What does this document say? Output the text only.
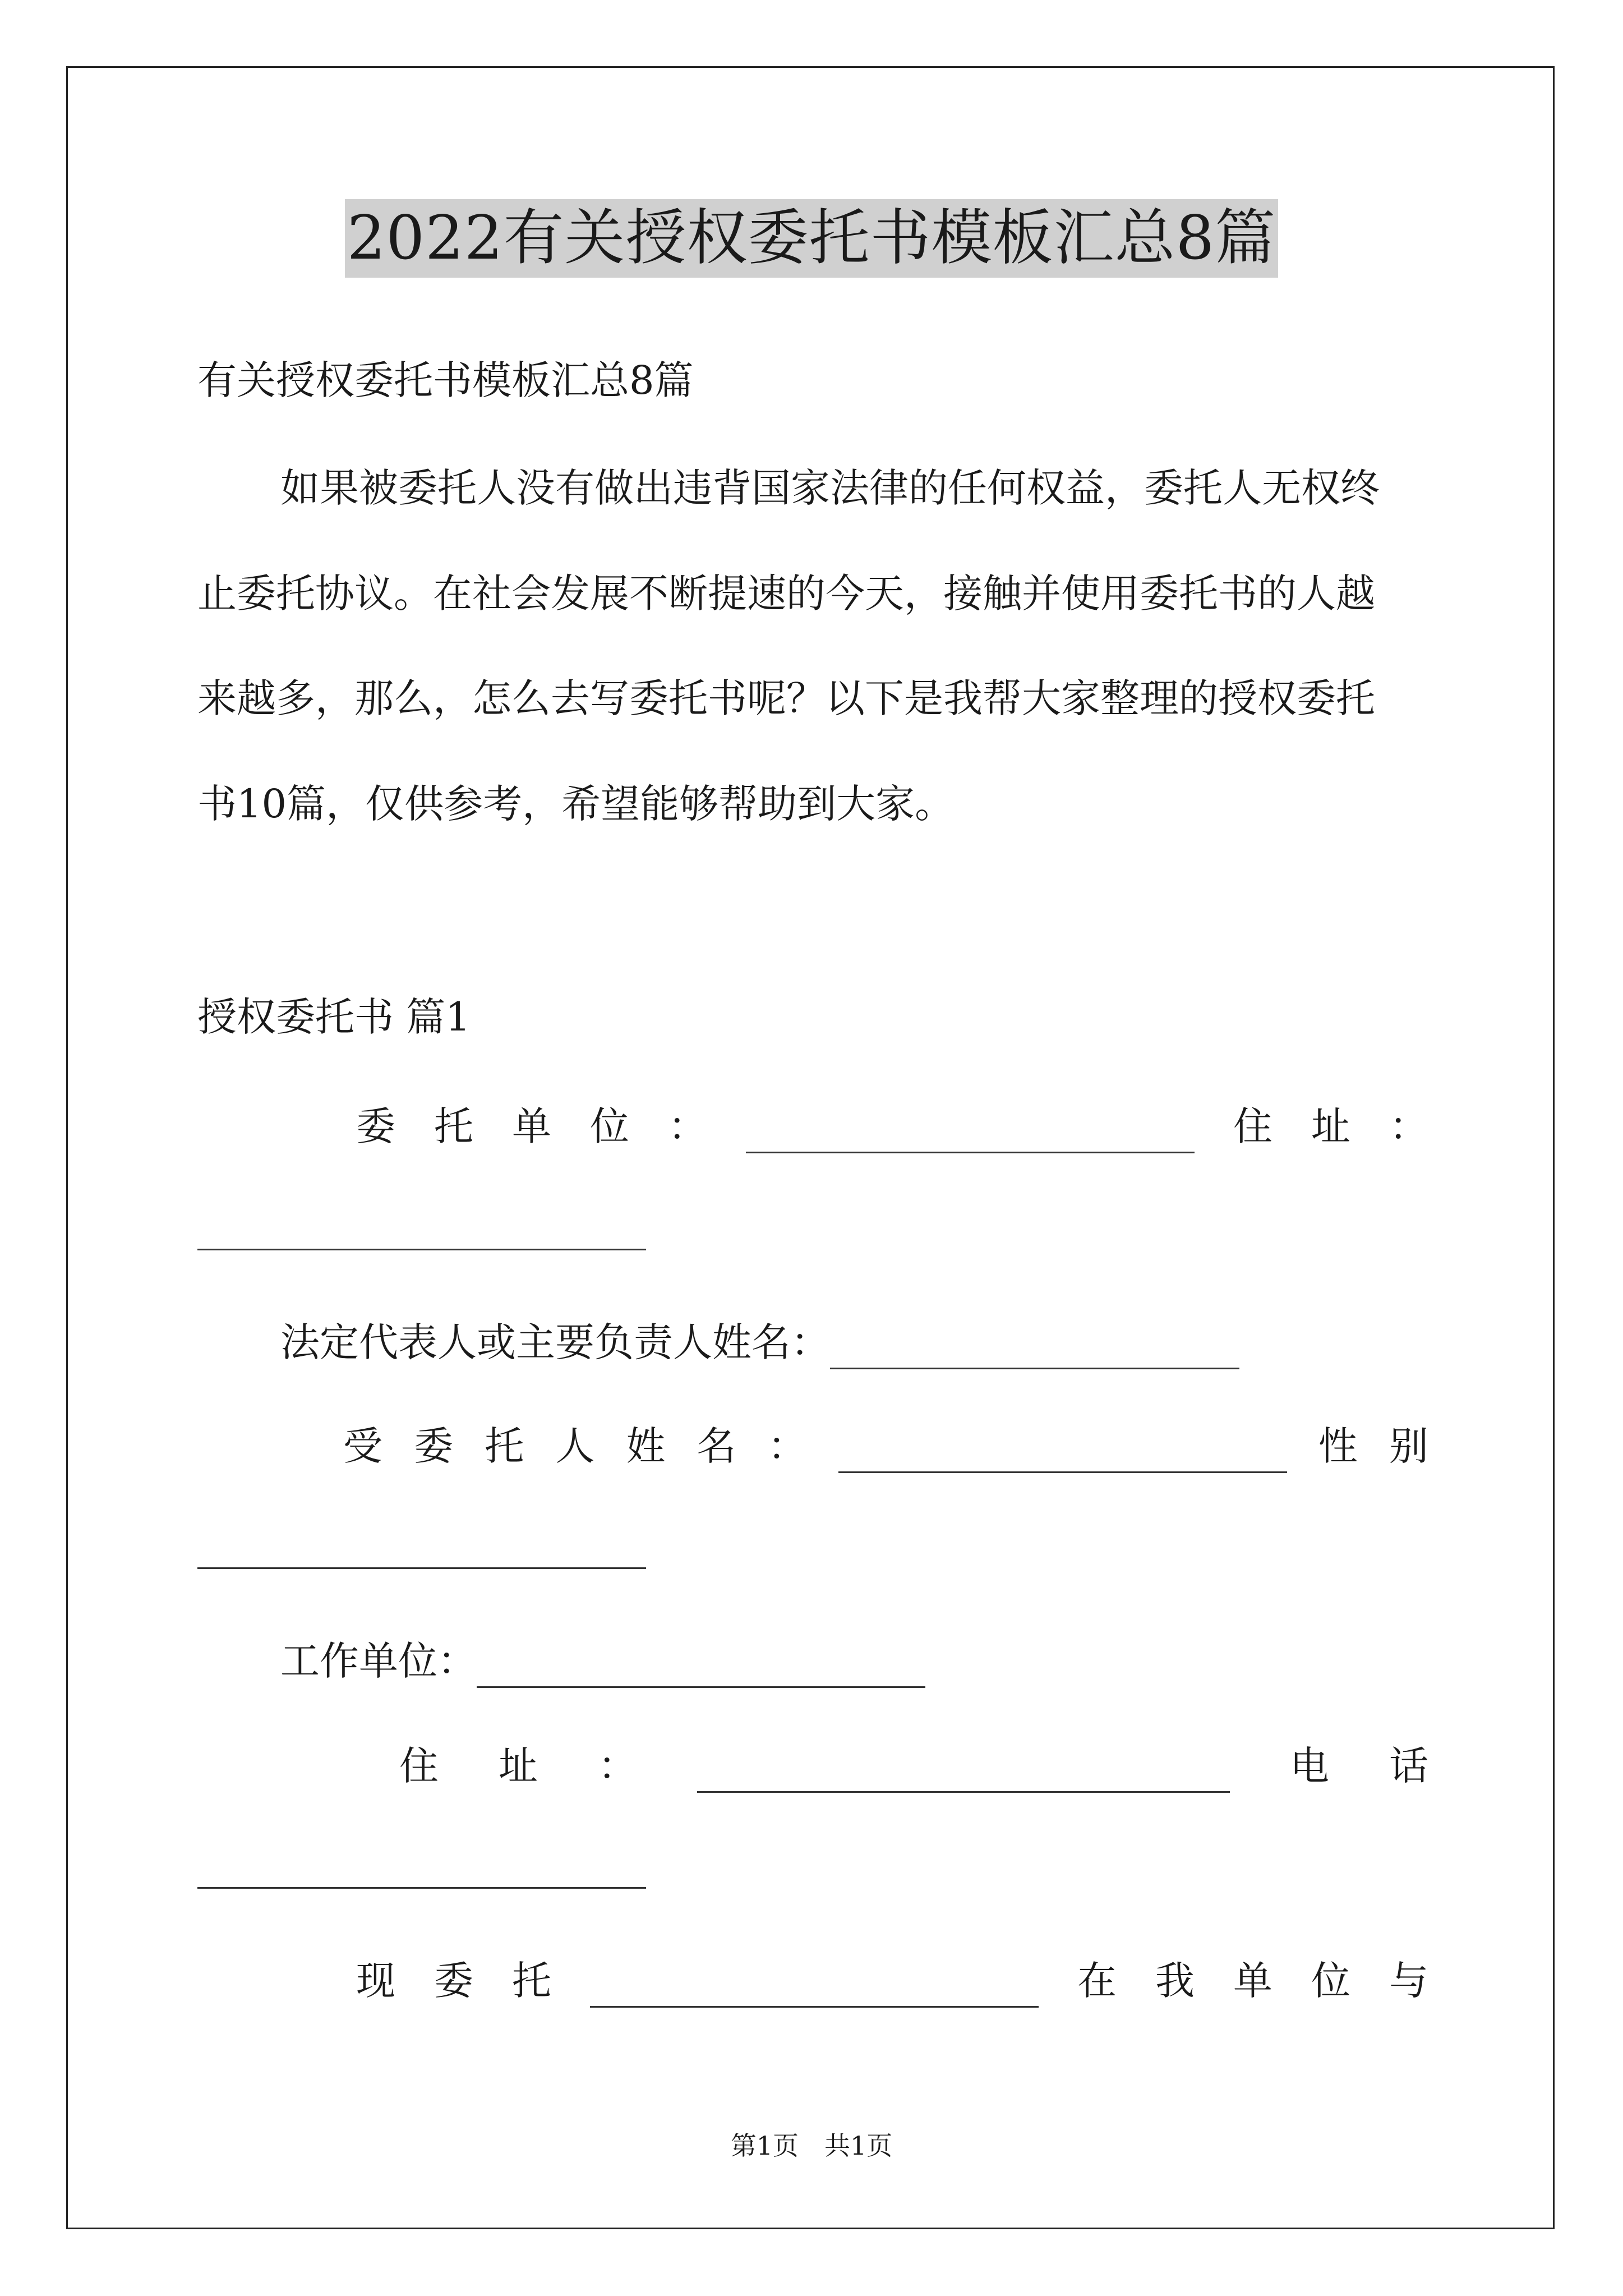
2022有关授权委托书模板汇总8篇
有关授权委托书模板汇总8篇
如果被委托人没有做出违背国家法律的任何权益，委托人无权终
止委托协议。在社会发展不断提速的今天，接触并使用委托书的人越
来越多，那么，怎么去写委托书呢？以下是我帮大家整理的授权委托
书10篇，仅供参考，希望能够帮助到大家。
授权委托书 篇1
委 托 单 位 ：	住 址 ：
法定代表人或主要负责人姓名：
受 委 托 人 姓 名 ：	性 别
工作单位：
住 址 ：	电 话
现 委 托	在 我 单 位 与
第1页　共1页
